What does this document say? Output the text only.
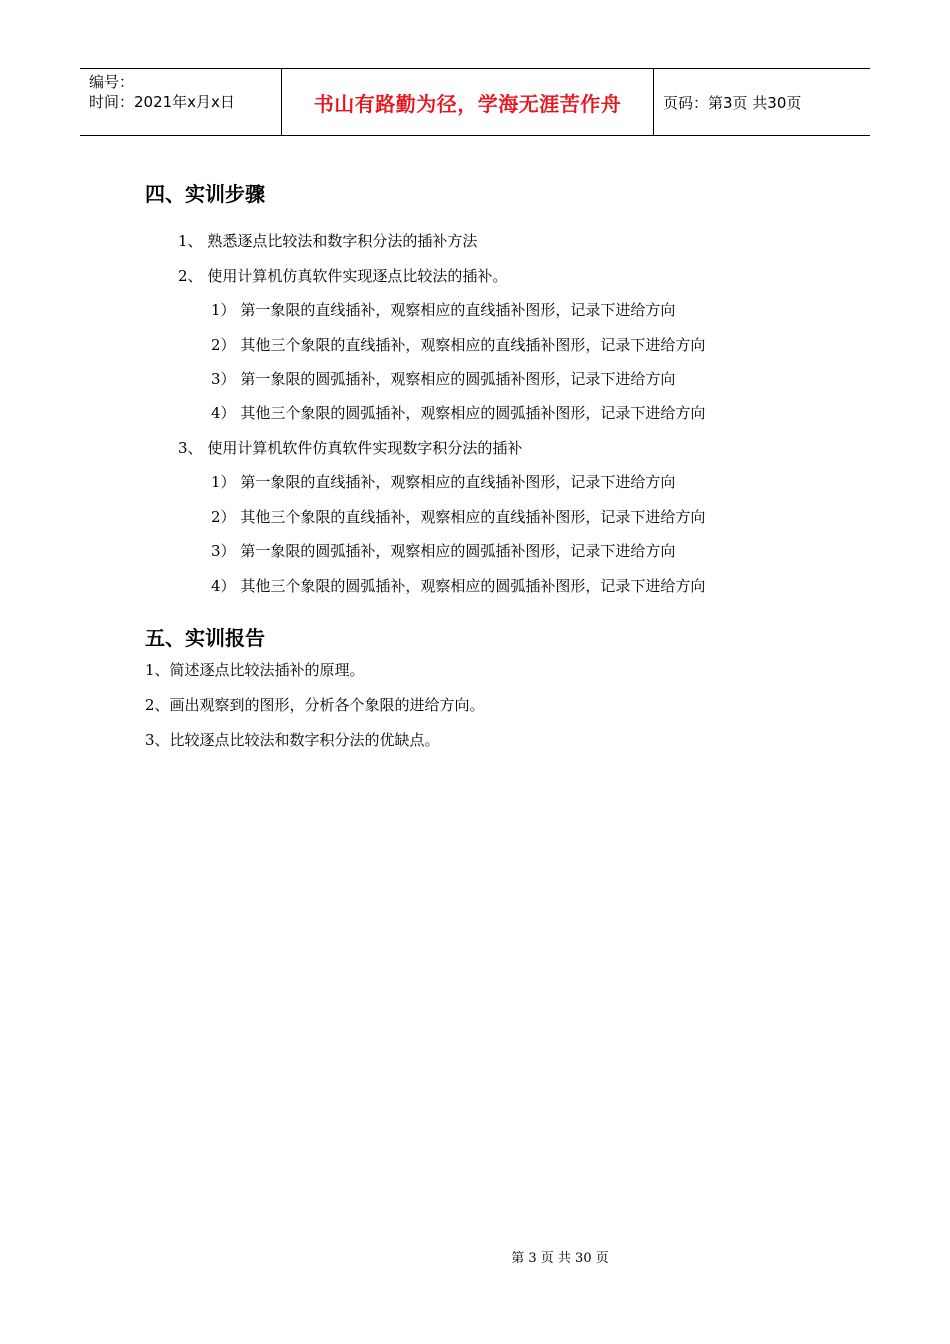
编号：
时间：2021年x月x日	书山有路勤为径，学海无涯苦作舟	页码：第3页 共30页
四、实训步骤
1、 熟悉逐点比较法和数字积分法的插补方法
2、 使用计算机仿真软件实现逐点比较法的插补。
1） 第一象限的直线插补，观察相应的直线插补图形，记录下进给方向
2） 其他三个象限的直线插补，观察相应的直线插补图形，记录下进给方向
3） 第一象限的圆弧插补，观察相应的圆弧插补图形，记录下进给方向
4） 其他三个象限的圆弧插补，观察相应的圆弧插补图形，记录下进给方向
3、 使用计算机软件仿真软件实现数字积分法的插补
1） 第一象限的直线插补，观察相应的直线插补图形，记录下进给方向
2） 其他三个象限的直线插补，观察相应的直线插补图形，记录下进给方向
3） 第一象限的圆弧插补，观察相应的圆弧插补图形，记录下进给方向
4） 其他三个象限的圆弧插补，观察相应的圆弧插补图形，记录下进给方向
五、实训报告
1、简述逐点比较法插补的原理。
2、画出观察到的图形，分析各个象限的进给方向。
3、比较逐点比较法和数字积分法的优缺点。
第 3 页 共 30 页
